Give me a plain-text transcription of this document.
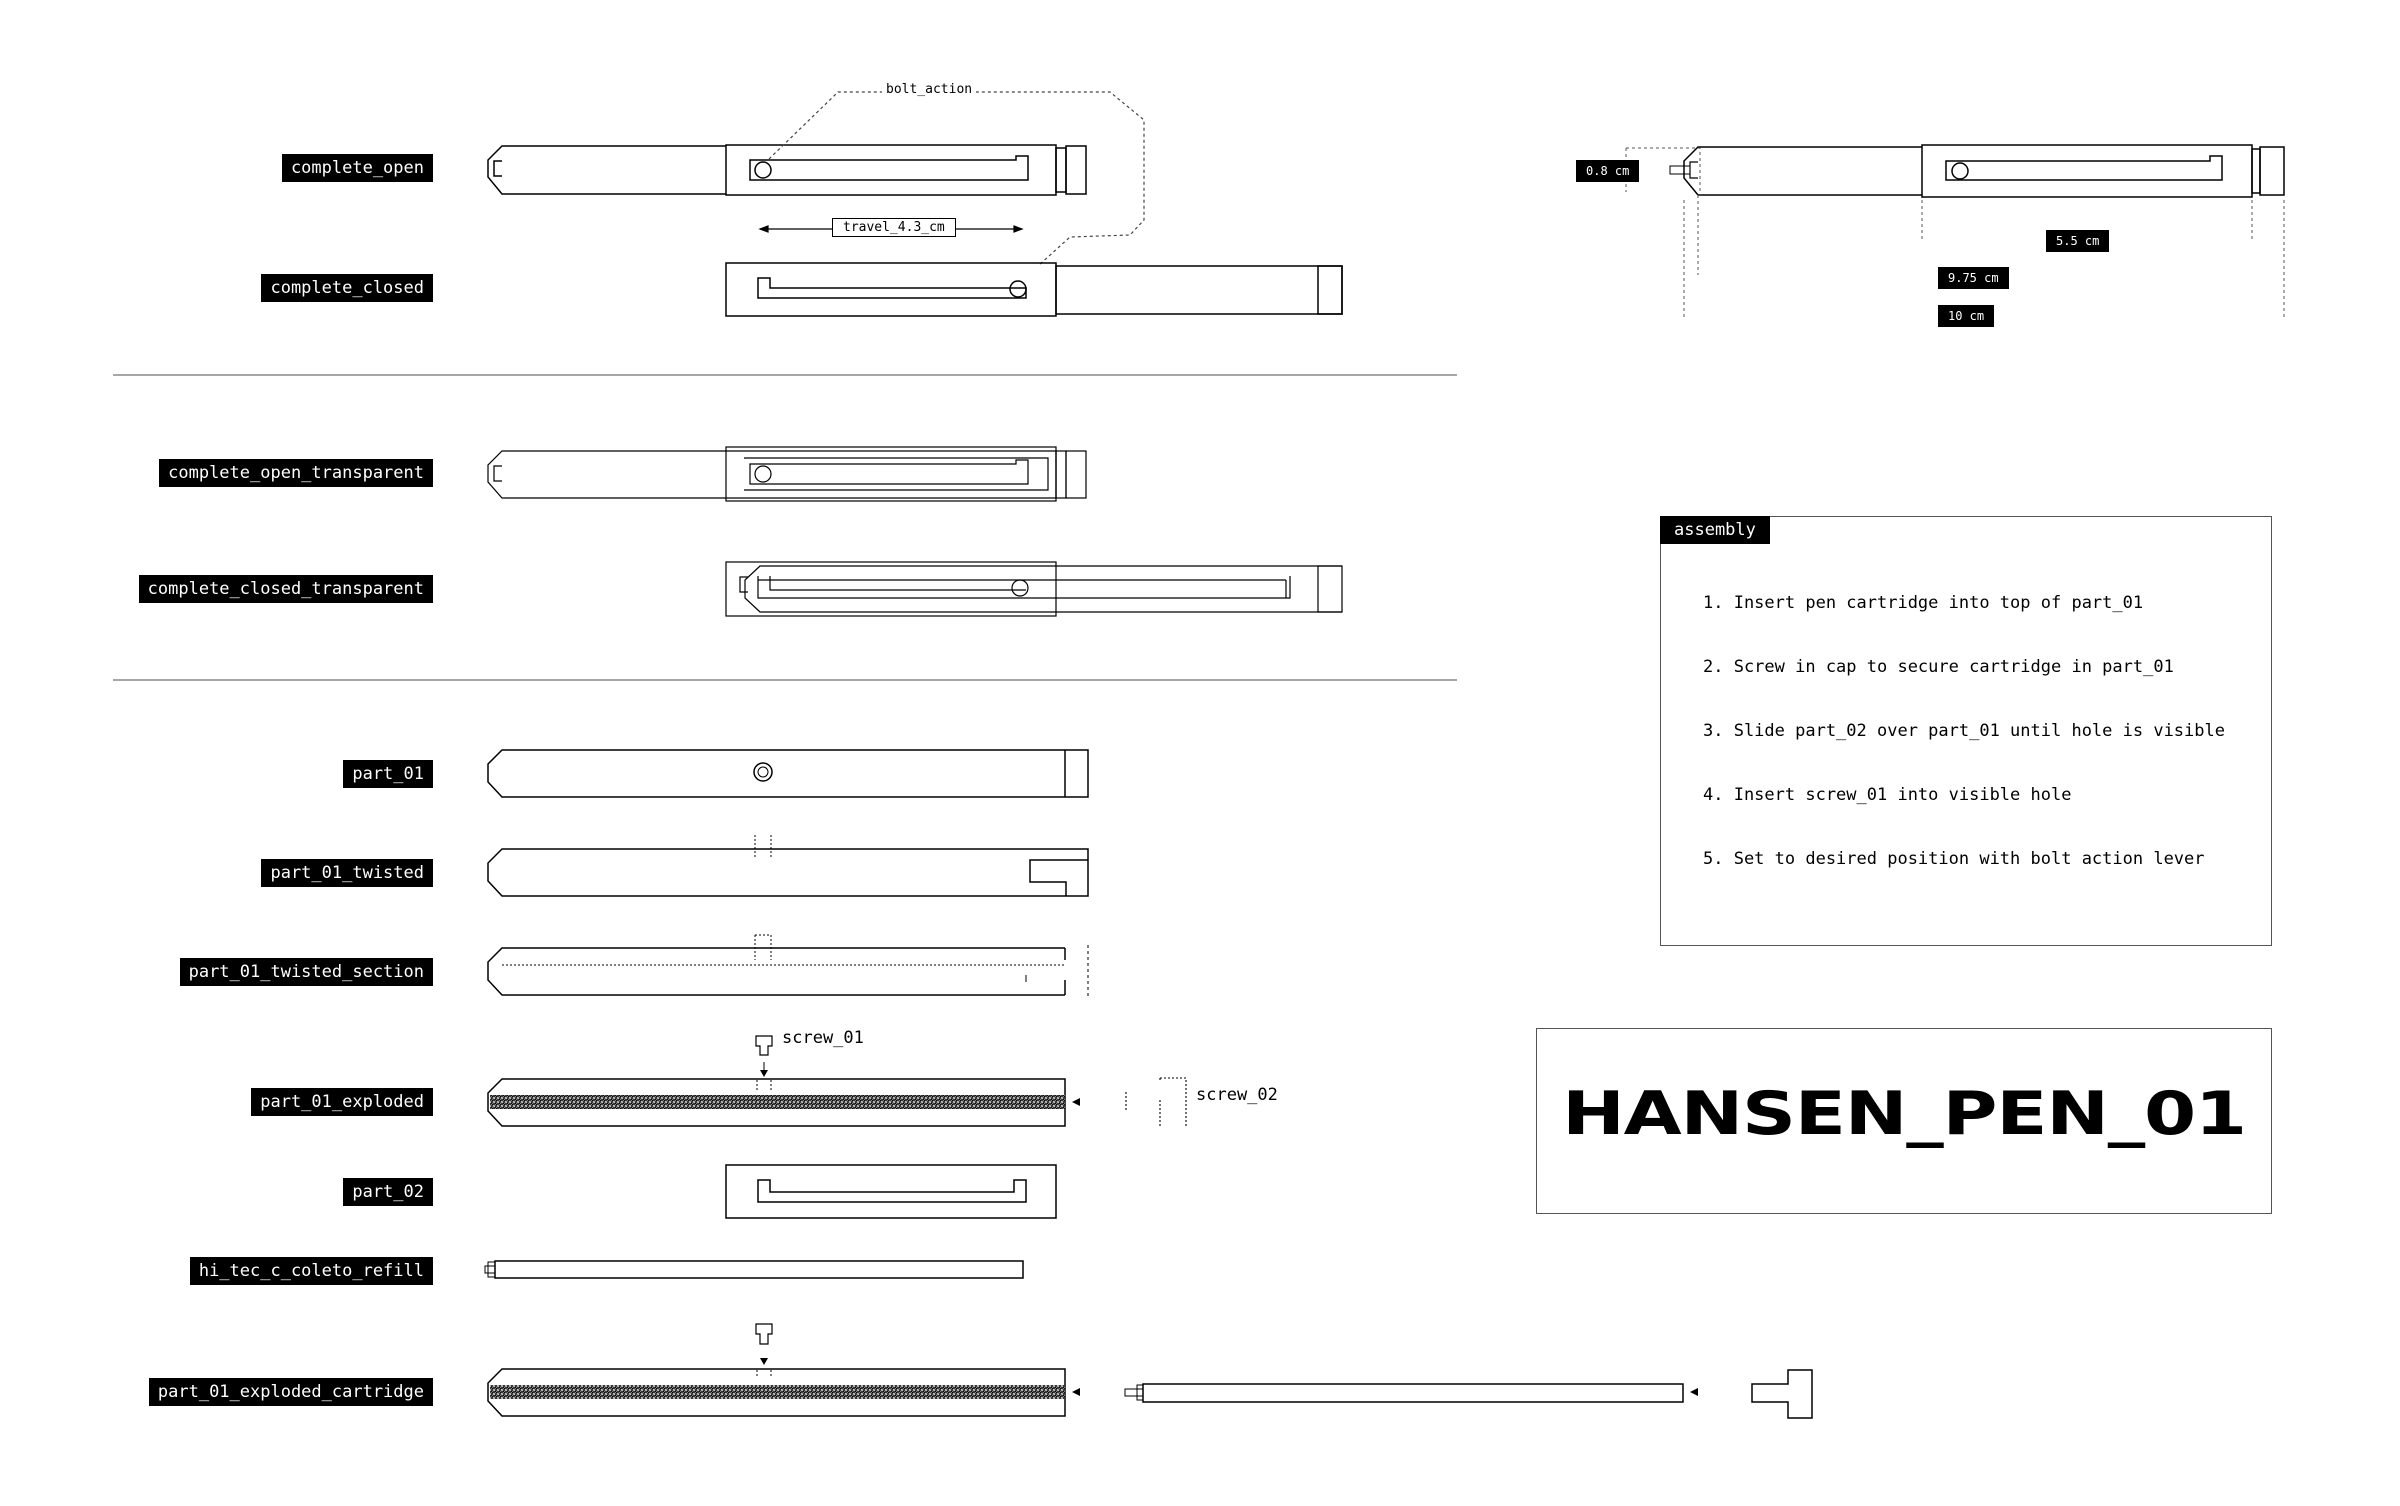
complete_open
complete_closed
complete_open_transparent
complete_closed_transparent
part_01
part_01_twisted
part_01_twisted_section
part_01_exploded
part_02
hi_tec_c_coleto_refill
part_01_exploded_cartridge
bolt_action
travel_4.3_cm
screw_01
screw_02
0.8 cm
5.5 cm
9.75 cm
10 cm
assembly
1. Insert pen cartridge into top of part_01
2. Screw in cap to secure cartridge in part_01
3. Slide part_02 over part_01 until hole is visible
4. Insert screw_01 into visible hole
5. Set to desired position with bolt action lever
HANSEN_PEN_01
